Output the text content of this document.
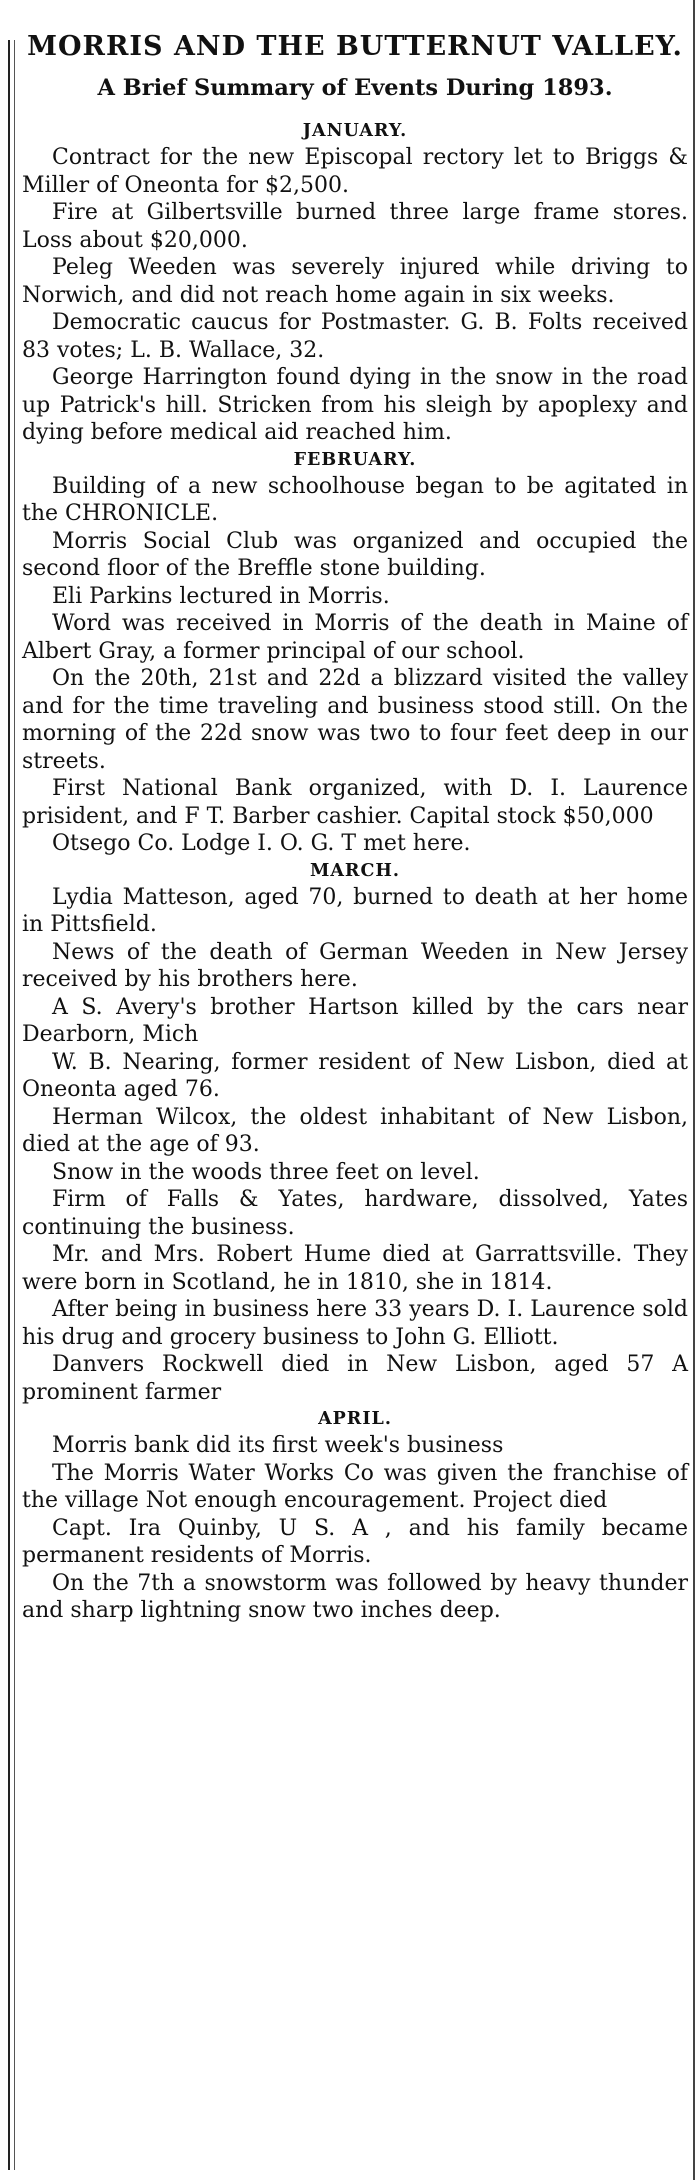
MORRIS AND THE BUTTERNUT VALLEY.
A Brief Summary of Events During 1893.
JANUARY.

Contract for the new Episcopal rectory let to Briggs & Miller of Oneonta for $2,500.

Fire at Gilbertsville burned three large frame stores. Loss about $20,000.

Peleg Weeden was severely injured while driving to Norwich, and did not reach home again in six weeks.

Democratic caucus for Postmaster. G. B. Folts received 83 votes; L. B. Wallace, 32.

George Harrington found dying in the snow in the road up Patrick's hill. Stricken from his sleigh by apoplexy and dying before medical aid reached him.

FEBRUARY.

Building of a new schoolhouse began to be agitated in the CHRONICLE.

Morris Social Club was organized and occupied the second floor of the Breffle stone building.

Eli Parkins lectured in Morris.

Word was received in Morris of the death in Maine of Albert Gray, a former principal of our school.

On the 20th, 21st and 22d a blizzard visited the valley and for the time traveling and business stood still. On the morning of the 22d snow was two to four feet deep in our streets.

First National Bank organized, with D. I. Laurence prisident, and F T. Barber cashier. Capital stock $50,000

Otsego Co. Lodge I. O. G. T met here.

MARCH.

Lydia Matteson, aged 70, burned to death at her home in Pittsfield.

News of the death of German Weeden in New Jersey received by his brothers here.

A S. Avery's brother Hartson killed by the cars near Dearborn, Mich

W. B. Nearing, former resident of New Lisbon, died at Oneonta aged 76.

Herman Wilcox, the oldest inhabitant of New Lisbon, died at the age of 93.

Snow in the woods three feet on level.

Firm of Falls & Yates, hardware, dissolved, Yates continuing the business.

Mr. and Mrs. Robert Hume died at Garrattsville. They were born in Scotland, he in 1810, she in 1814.

After being in business here 33 years D. I. Laurence sold his drug and grocery business to John G. Elliott.

Danvers Rockwell died in New Lisbon, aged 57 A prominent farmer

APRIL.

Morris bank did its first week's business

The Morris Water Works Co was given the franchise of the village Not enough encouragement. Project died

Capt. Ira Quinby, U S. A , and his family became permanent residents of Morris.

On the 7th a snowstorm was followed by heavy thunder and sharp lightning snow two inches deep.
